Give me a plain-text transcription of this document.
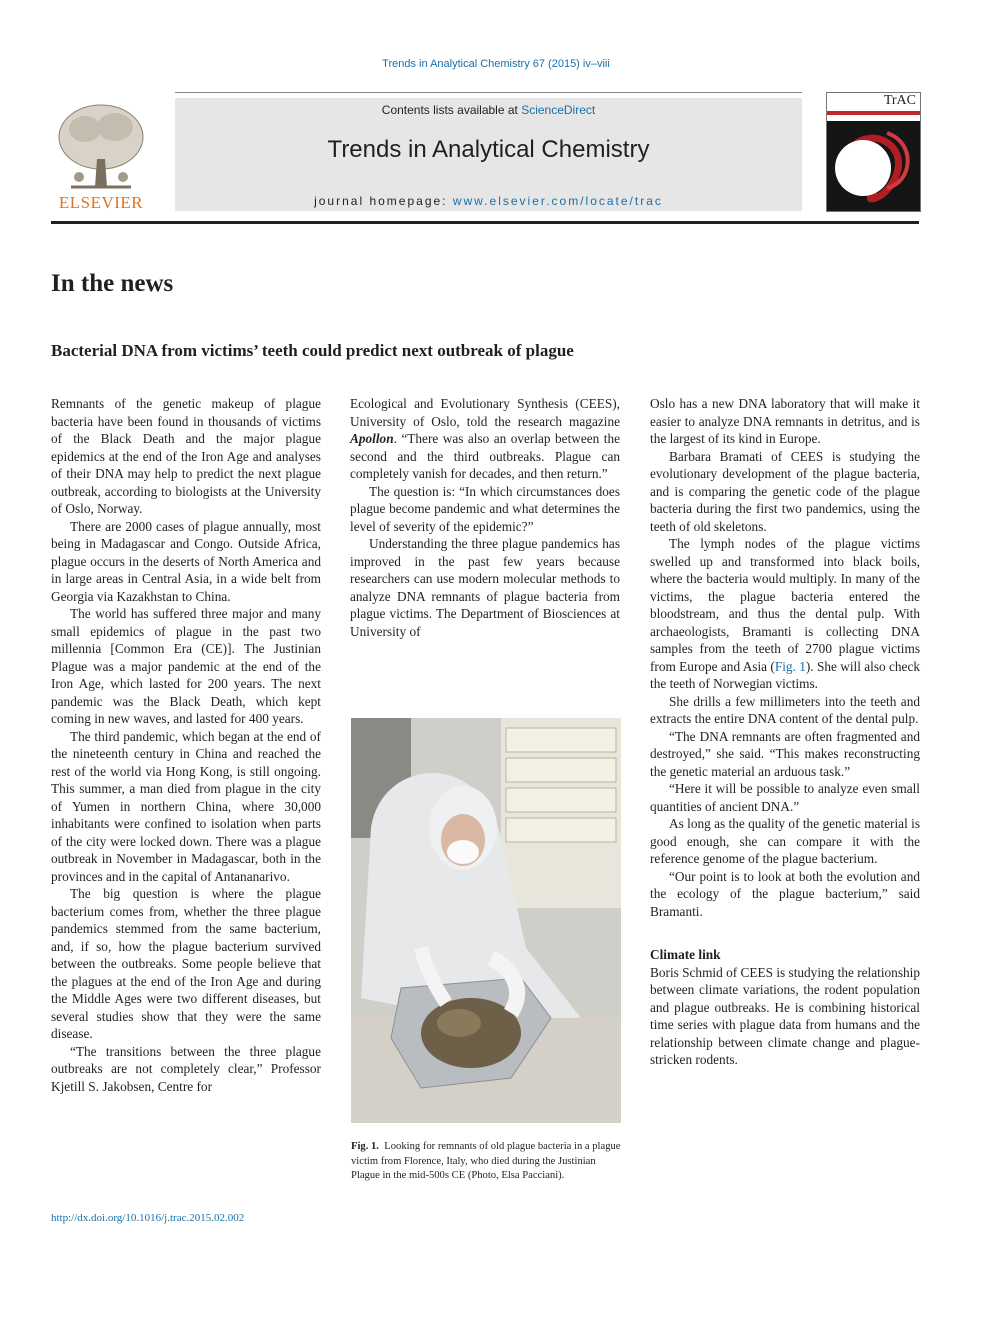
Trends in Analytical Chemistry 67 (2015) iv–viii
ELSEVIER
Contents lists available at ScienceDirect
Trends in Analytical Chemistry
journal homepage: www.elsevier.com/locate/trac
TrAC
In the news
Bacterial DNA from victims’ teeth could predict next outbreak of plague

Remnants of the genetic makeup of plague bacteria have been found in thousands of victims of the Black Death and the major plague epidemics at the end of the Iron Age and analyses of their DNA may help to predict the next plague outbreak, according to biologists at the University of Oslo, Norway.

There are 2000 cases of plague annually, most being in Madagascar and Congo. Outside Africa, plague occurs in the deserts of North America and in large areas in Central Asia, in a wide belt from Georgia via Kazakhstan to China.

The world has suffered three major and many small epidemics of plague in the past two millennia [Common Era (CE)]. The Justinian Plague was a major pandemic at the end of the Iron Age, which lasted for 200 years. The next pandemic was the Black Death, which kept coming in new waves, and lasted for 400 years.

The third pandemic, which began at the end of the nineteenth century in China and reached the rest of the world via Hong Kong, is still ongoing. This summer, a man died from plague in the city of Yumen in northern China, where 30,000 inhabitants were confined to isolation when parts of the city were locked down. There was a plague outbreak in November in Madagascar, both in the provinces and in the capital of Antananarivo.

The big question is where the plague bacterium comes from, whether the three plague pandemics stemmed from the same bacterium, and, if so, how the plague bacterium survived between the outbreaks. Some people believe that the plagues at the end of the Iron Age and during the Middle Ages were two different diseases, but several studies show that they were the same disease.

“The transitions between the three plague outbreaks are not completely clear,” Professor Kjetill S. Jakobsen, Centre for

Ecological and Evolutionary Synthesis (CEES), University of Oslo, told the research magazine Apollon. “There was also an overlap between the second and the third outbreaks. Plague can completely vanish for decades, and then return.”

The question is: “In which circumstances does plague become pandemic and what determines the level of severity of the epidemic?”

Understanding the three plague pandemics has improved in the past few years because researchers can use modern molecular methods to analyze DNA remnants of plague bacteria from plague victims. The Department of Biosciences at University of

Fig. 1. Looking for remnants of old plague bacteria in a plague victim from Florence, Italy, who died during the Justinian Plague in the mid-500s CE (Photo, Elsa Pacciani).

Oslo has a new DNA laboratory that will make it easier to analyze DNA remnants in detritus, and is the largest of its kind in Europe.

Barbara Bramati of CEES is studying the evolutionary development of the plague bacteria, and is comparing the genetic code of the plague bacteria during the first two pandemics, using the teeth of old skeletons.

The lymph nodes of the plague victims swelled up and transformed into black boils, where the bacteria would multiply. In many of the victims, the plague bacteria entered the bloodstream, and thus the dental pulp. With archaeologists, Bramanti is collecting DNA samples from the teeth of 2700 plague victims from Europe and Asia (Fig. 1). She will also check the teeth of Norwegian victims.

She drills a few millimeters into the teeth and extracts the entire DNA content of the dental pulp.

“The DNA remnants are often fragmented and destroyed,” she said. “This makes reconstructing the genetic material an arduous task.”

“Here it will be possible to analyze even small quantities of ancient DNA.”

As long as the quality of the genetic material is good enough, she can compare it with the reference genome of the plague bacterium.

“Our point is to look at both the evolution and the ecology of the plague bacterium,” said Bramanti.

Climate link

Boris Schmid of CEES is studying the relationship between climate variations, the rodent population and plague outbreaks. He is combining historical time series with plague data from humans and the relationship between climate change and plague-stricken rodents.

http://dx.doi.org/10.1016/j.trac.2015.02.002
